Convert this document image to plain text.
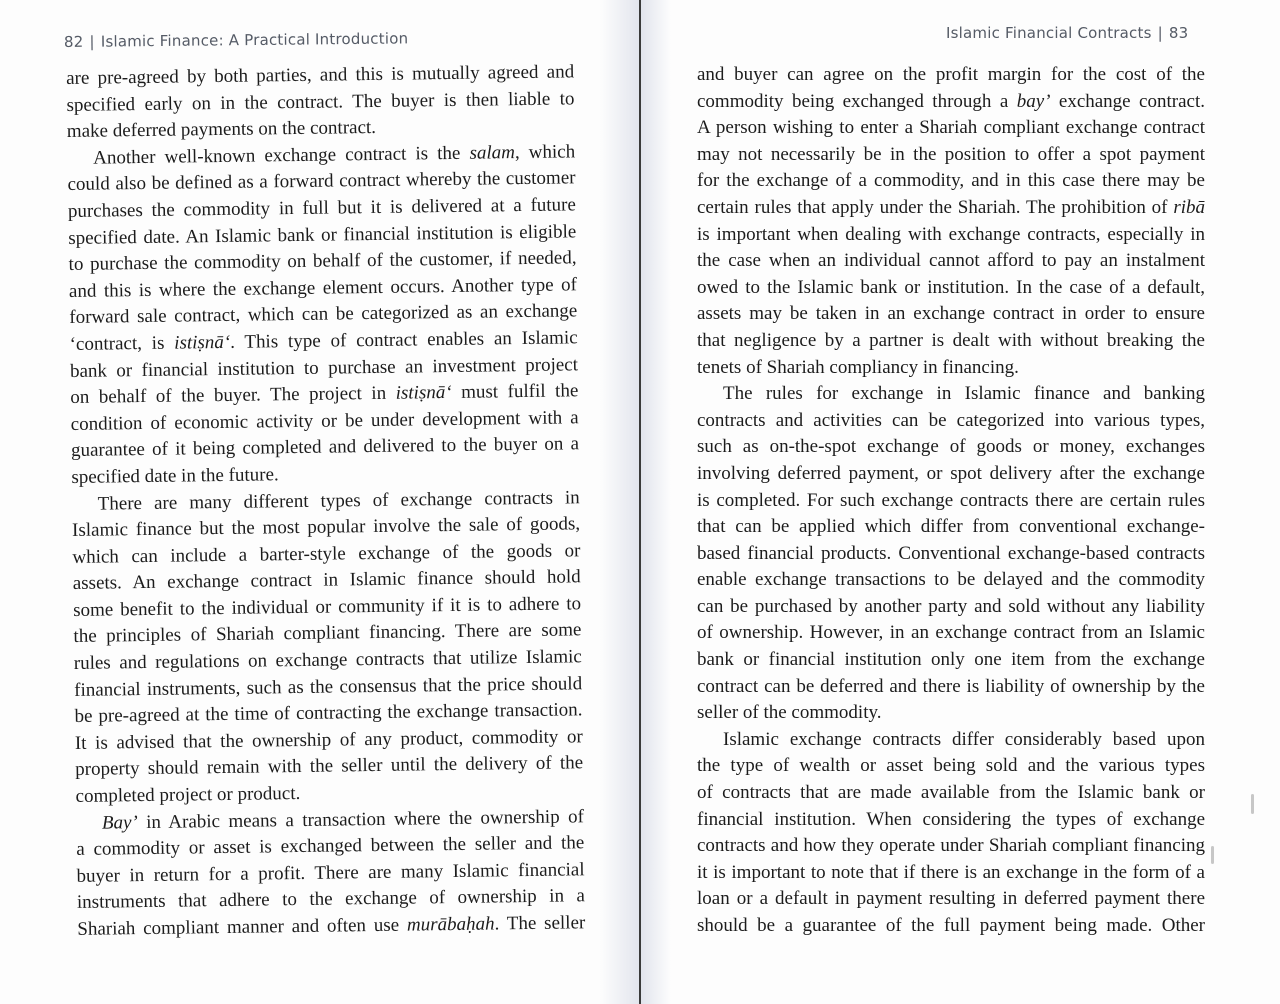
82 | Islamic Finance: A Practical Introduction
are pre-agreed by both parties, and this is mutually agreed and
specified early on in the contract. The buyer is then liable to
make deferred payments on the contract.
Another well-known exchange contract is the salam, which
could also be defined as a forward contract whereby the customer
purchases the commodity in full but it is delivered at a future
specified date. An Islamic bank or financial institution is eligible
to purchase the commodity on behalf of the customer, if needed,
and this is where the exchange element occurs. Another type of
forward sale contract, which can be categorized as an exchange
‘contract, is istiṣnā‘. This type of contract enables an Islamic
bank or financial institution to purchase an investment project
on behalf of the buyer. The project in istiṣnā‘ must fulfil the
condition of economic activity or be under development with a
guarantee of it being completed and delivered to the buyer on a
specified date in the future.
There are many different types of exchange contracts in
Islamic finance but the most popular involve the sale of goods,
which can include a barter-style exchange of the goods or
assets. An exchange contract in Islamic finance should hold
some benefit to the individual or community if it is to adhere to
the principles of Shariah compliant financing. There are some
rules and regulations on exchange contracts that utilize Islamic
financial instruments, such as the consensus that the price should
be pre-agreed at the time of contracting the exchange transaction.
It is advised that the ownership of any product, commodity or
property should remain with the seller until the delivery of the
completed project or product.
Bay’ in Arabic means a transaction where the ownership of
a commodity or asset is exchanged between the seller and the
buyer in return for a profit. There are many Islamic financial
instruments that adhere to the exchange of ownership in a
Shariah compliant manner and often use murābaḥah. The seller
Islamic Financial Contracts | 83
and buyer can agree on the profit margin for the cost of the
commodity being exchanged through a bay’ exchange contract.
A person wishing to enter a Shariah compliant exchange contract
may not necessarily be in the position to offer a spot payment
for the exchange of a commodity, and in this case there may be
certain rules that apply under the Shariah. The prohibition of ribā
is important when dealing with exchange contracts, especially in
the case when an individual cannot afford to pay an instalment
owed to the Islamic bank or institution. In the case of a default,
assets may be taken in an exchange contract in order to ensure
that negligence by a partner is dealt with without breaking the
tenets of Shariah compliancy in financing.
The rules for exchange in Islamic finance and banking
contracts and activities can be categorized into various types,
such as on-the-spot exchange of goods or money, exchanges
involving deferred payment, or spot delivery after the exchange
is completed. For such exchange contracts there are certain rules
that can be applied which differ from conventional exchange-
based financial products. Conventional exchange-based contracts
enable exchange transactions to be delayed and the commodity
can be purchased by another party and sold without any liability
of ownership. However, in an exchange contract from an Islamic
bank or financial institution only one item from the exchange
contract can be deferred and there is liability of ownership by the
seller of the commodity.
Islamic exchange contracts differ considerably based upon
the type of wealth or asset being sold and the various types
of contracts that are made available from the Islamic bank or
financial institution. When considering the types of exchange
contracts and how they operate under Shariah compliant financing
it is important to note that if there is an exchange in the form of a
loan or a default in payment resulting in deferred payment there
should be a guarantee of the full payment being made. Other
